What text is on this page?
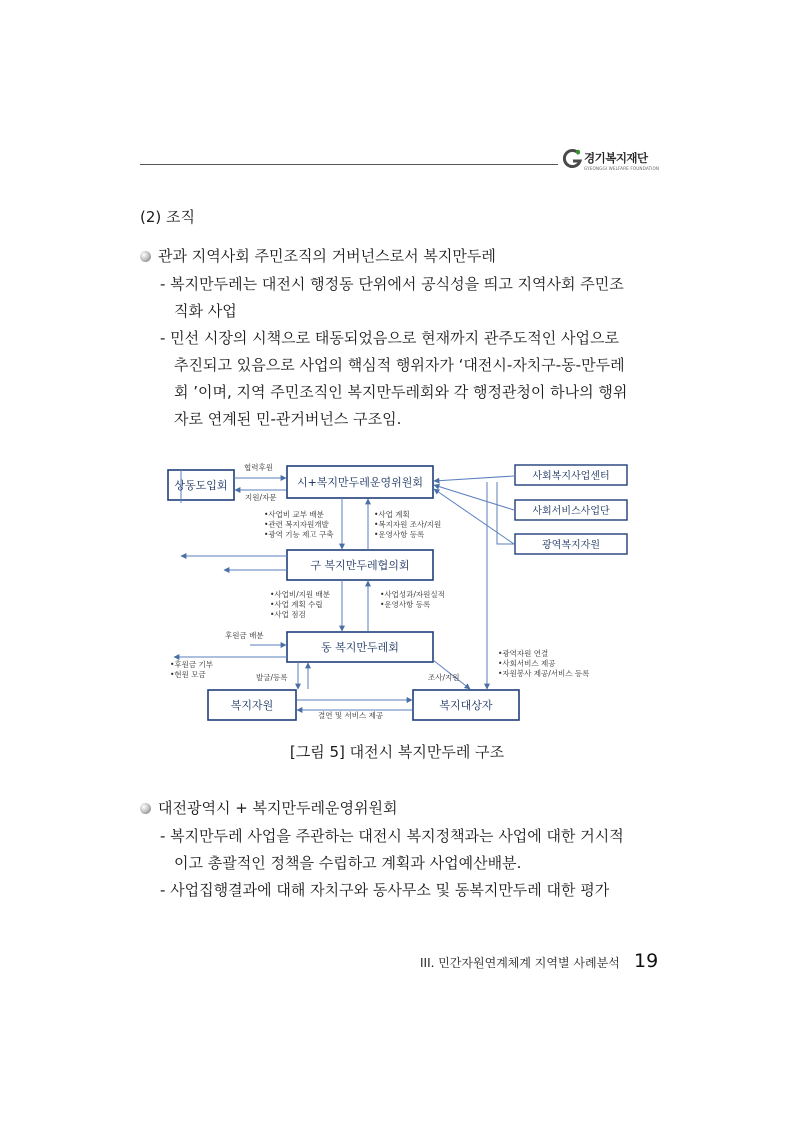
경기복지재단
GYEONGGI WELFARE FOUNDATION
(2) 조직
관과 지역사회 주민조직의 거버넌스로서 복지만두레
- 복지만두레는 대전시 행정동 단위에서 공식성을 띄고 지역사회 주민조
직화 사업
- 민선 시장의 시책으로 태동되었음으로 현재까지 관주도적인 사업으로
추진되고 있음으로 사업의 핵심적 행위자가 ‘대전시-자치구-동-만두레
회 ’이며, 지역 주민조직인 복지만두레회와 각 행정관청이 하나의 행위
자로 연계된 민-관거버넌스 구조임.
상동도입회	시+복지만두레운영위원회	사회복지사업센터
사회서비스사업단
광역복지자원
구 복지만두레협의회
동 복지만두레회
복지자원	복지대상자
협력후원
지원/자문
•사업비 교부 배분
•관련 복지자원개발
•광역 기능 제고 구축
•사업 계획
•복지자원 조사/지원
•운영사항 등록
•사업비/지원 배분
•사업 계획 수립
•사업 점검
•사업성과/자원실적
•운영사항 등록
후원금 배분
•후원금 기부
•현원 모금
•광역자원 연결
•사회서비스 제공
•자원봉사 제공/서비스 등록
발굴/등록	조사/지원
결연 및 서비스 제공
[그림 5] 대전시 복지만두레 구조
대전광역시 + 복지만두레운영위원회
- 복지만두레 사업을 주관하는 대전시 복지정책과는 사업에 대한 거시적
이고 총괄적인 정책을 수립하고 계획과 사업예산배분.
- 사업집행결과에 대해 자치구와 동사무소 및 동복지만두레 대한 평가
III. 민간자원연계체계 지역별 사례분석 19
